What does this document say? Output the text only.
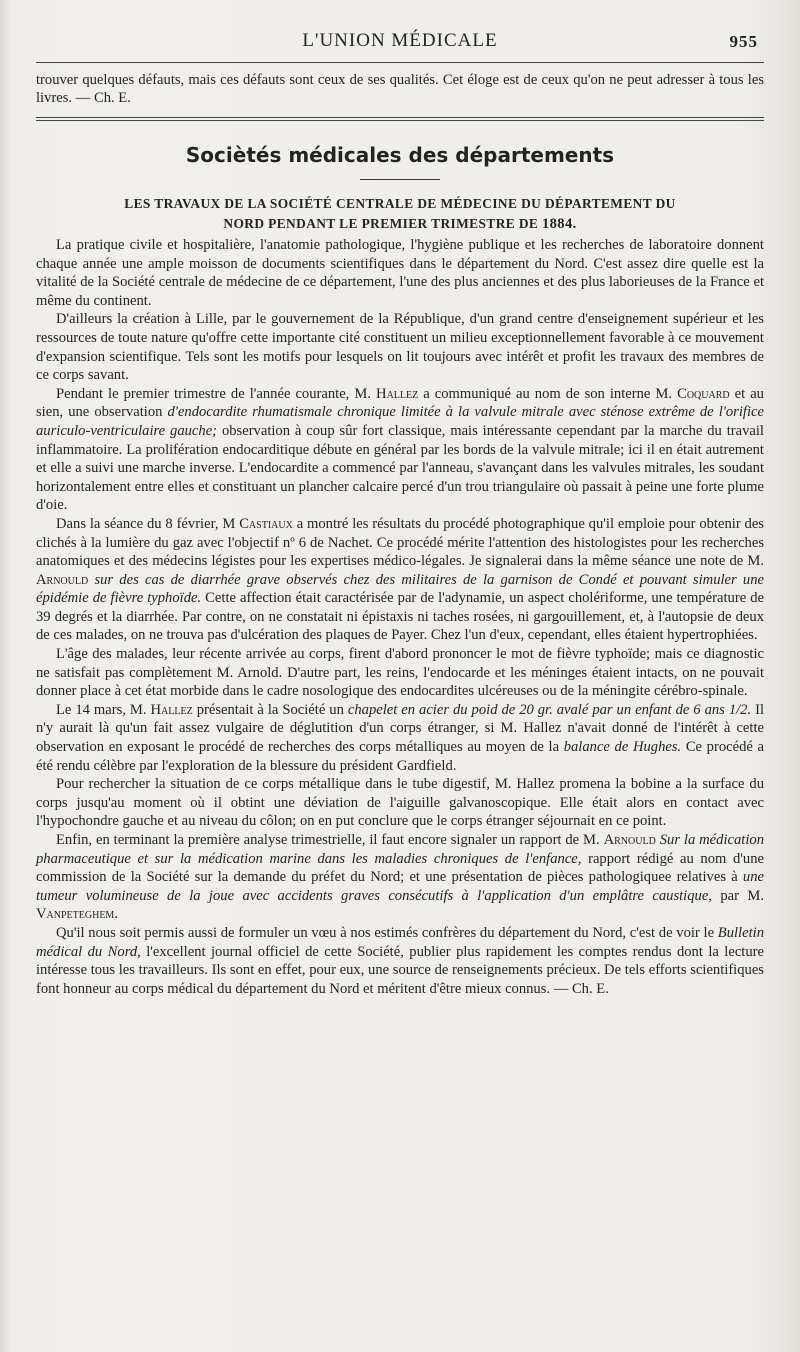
L'UNION MÉDICALE	955

trouver quelques défauts, mais ces défauts sont ceux de ses qualités. Cet éloge est de ceux qu'on ne peut adresser à tous les livres. — Ch. E.

Sociètés médicales des départements
LES TRAVAUX DE LA SOCIÉTÉ CENTRALE DE MÉDECINE DU DÉPARTEMENT DU
NORD PENDANT LE PREMIER TRIMESTRE DE 1884.

La pratique civile et hospitalière, l'anatomie pathologique, l'hygiène publique et les recherches de laboratoire donnent chaque année une ample moisson de documents scientifiques dans le département du Nord. C'est assez dire quelle est la vitalité de la Société centrale de médecine de ce département, l'une des plus anciennes et des plus laborieuses de la France et même du continent.

D'ailleurs la création à Lille, par le gouvernement de la République, d'un grand centre d'enseignement supérieur et les ressources de toute nature qu'offre cette importante cité constituent un milieu exceptionnellement favorable à ce mouvement d'expansion scientifique. Tels sont les motifs pour lesquels on lit toujours avec intérêt et profit les travaux des membres de ce corps savant.

Pendant le premier trimestre de l'année courante, M. Hallez a communiqué au nom de son interne M. Coquard et au sien, une observation d'endocardite rhumatismale chronique limitée à la valvule mitrale avec sténose extrême de l'orifice auriculo-ventriculaire gauche; observation à coup sûr fort classique, mais intéressante cependant par la marche du travail inflammatoire. La prolifération endocarditique débute en général par les bords de la valvule mitrale; ici il en était autrement et elle a suivi une marche inverse. L'endocardite a commencé par l'anneau, s'avançant dans les valvules mitrales, les soudant horizontalement entre elles et constituant un plancher calcaire percé d'un trou triangulaire où passait à peine une forte plume d'oie.

Dans la séance du 8 février, M Castiaux a montré les résultats du procédé photographique qu'il emploie pour obtenir des clichés à la lumière du gaz avec l'objectif nº 6 de Nachet. Ce procédé mérite l'attention des histologistes pour les recherches anatomiques et des médecins légistes pour les expertises médico-légales. Je signalerai dans la même séance une note de M. Arnould sur des cas de diarrhée grave observés chez des militaires de la garnison de Condé et pouvant simuler une épidémie de fièvre typhoïde. Cette affection était caractérisée par de l'adynamie, un aspect cholériforme, une température de 39 degrés et la diarrhée. Par contre, on ne constatait ni épistaxis ni taches rosées, ni gargouillement, et, à l'autopsie de deux de ces malades, on ne trouva pas d'ulcération des plaques de Payer. Chez l'un d'eux, cependant, elles étaient hypertrophiées.

L'âge des malades, leur récente arrivée au corps, firent d'abord prononcer le mot de fièvre typhoïde; mais ce diagnostic ne satisfait pas complètement M. Arnold. D'autre part, les reins, l'endocarde et les méninges étaient intacts, on ne pouvait donner place à cet état morbide dans le cadre nosologique des endocardites ulcéreuses ou de la méningite cérébro-spinale.

Le 14 mars, M. Hallez présentait à la Société un chapelet en acier du poid de 20 gr. avalé par un enfant de 6 ans 1/2. Il n'y aurait là qu'un fait assez vulgaire de déglutition d'un corps étranger, si M. Hallez n'avait donné de l'intérêt à cette observation en exposant le procédé de recherches des corps métalliques au moyen de la balance de Hughes. Ce procédé a été rendu célèbre par l'exploration de la blessure du président Gardfield.

Pour rechercher la situation de ce corps métallique dans le tube digestif, M. Hallez promena la bobine a la surface du corps jusqu'au moment où il obtint une déviation de l'aiguille galvanoscopique. Elle était alors en contact avec l'hypochondre gauche et au niveau du côlon; on en put conclure que le corps étranger séjournait en ce point.

Enfin, en terminant la première analyse trimestrielle, il faut encore signaler un rapport de M. Arnould Sur la médication pharmaceutique et sur la médication marine dans les maladies chroniques de l'enfance, rapport rédigé au nom d'une commission de la Société sur la demande du préfet du Nord; et une présentation de pièces pathologiquee relatives à une tumeur volumineuse de la joue avec accidents graves consécutifs à l'application d'un emplâtre caustique, par M. Vanpeteghem.

Qu'il nous soit permis aussi de formuler un vœu à nos estimés confrères du département du Nord, c'est de voir le Bulletin médical du Nord, l'excellent journal officiel de cette Société, publier plus rapidement les comptes rendus dont la lecture intéresse tous les travailleurs. Ils sont en effet, pour eux, une source de renseignements précieux. De tels efforts scientifiques font honneur au corps médical du département du Nord et méritent d'être mieux connus. — Ch. E.
